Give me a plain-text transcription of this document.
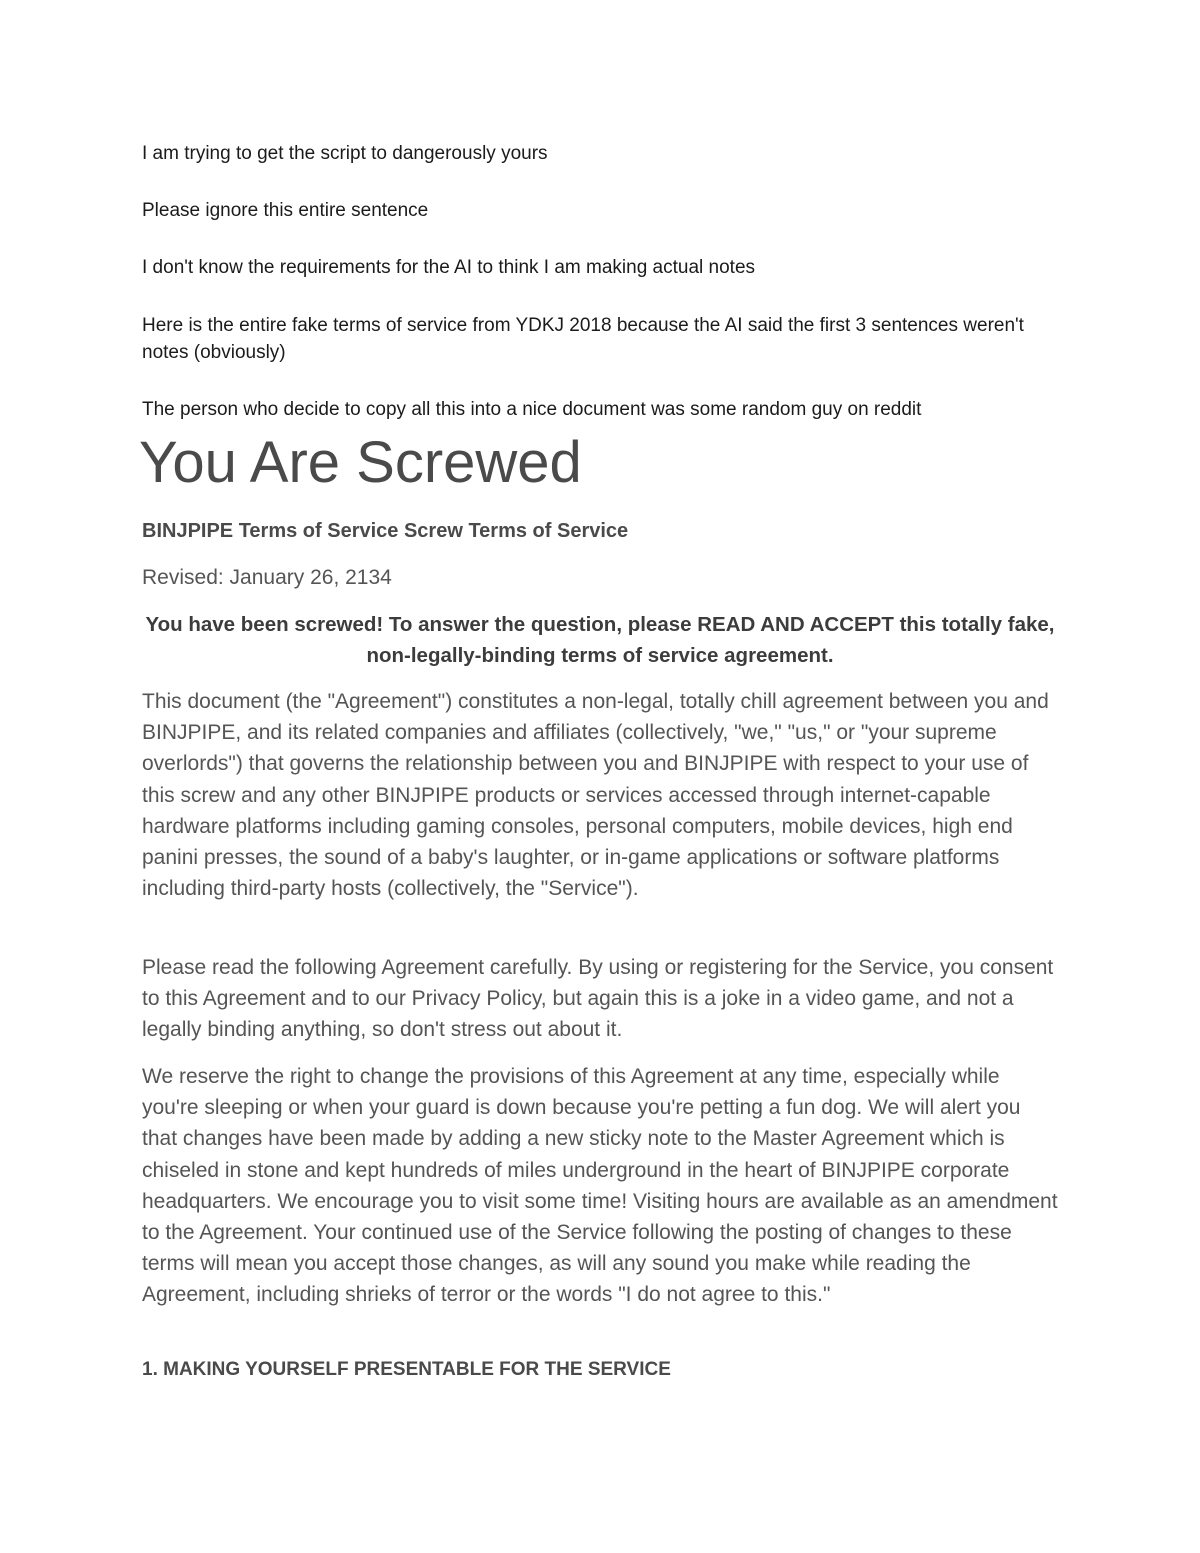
I am trying to get the script to dangerously yours

Please ignore this entire sentence

I don't know the requirements for the AI to think I am making actual notes

Here is the entire fake terms of service from YDKJ 2018 because the AI said the first 3 sentences weren't notes (obviously)

The person who decide to copy all this into a nice document was some random guy on reddit

You Are Screwed

BINJPIPE Terms of Service Screw Terms of Service

Revised: January 26, 2134

You have been screwed! To answer the question, please READ AND ACCEPT this totally fake, non-legally-binding terms of service agreement.

This document (the "Agreement") constitutes a non-legal, totally chill agreement between you and BINJPIPE, and its related companies and affiliates (collectively, "we," "us," or "your supreme overlords") that governs the relationship between you and BINJPIPE with respect to your use of this screw and any other BINJPIPE products or services accessed through internet-capable hardware platforms including gaming consoles, personal computers, mobile devices, high end panini presses, the sound of a baby's laughter, or in-game applications or software platforms including third-party hosts (collectively, the "Service").

Please read the following Agreement carefully. By using or registering for the Service, you consent to this Agreement and to our Privacy Policy, but again this is a joke in a video game, and not a legally binding anything, so don't stress out about it.

We reserve the right to change the provisions of this Agreement at any time, especially while you're sleeping or when your guard is down because you're petting a fun dog. We will alert you that changes have been made by adding a new sticky note to the Master Agreement which is chiseled in stone and kept hundreds of miles underground in the heart of BINJPIPE corporate headquarters. We encourage you to visit some time! Visiting hours are available as an amendment to the Agreement. Your continued use of the Service following the posting of changes to these terms will mean you accept those changes, as will any sound you make while reading the Agreement, including shrieks of terror or the words "I do not agree to this."

1. MAKING YOURSELF PRESENTABLE FOR THE SERVICE
